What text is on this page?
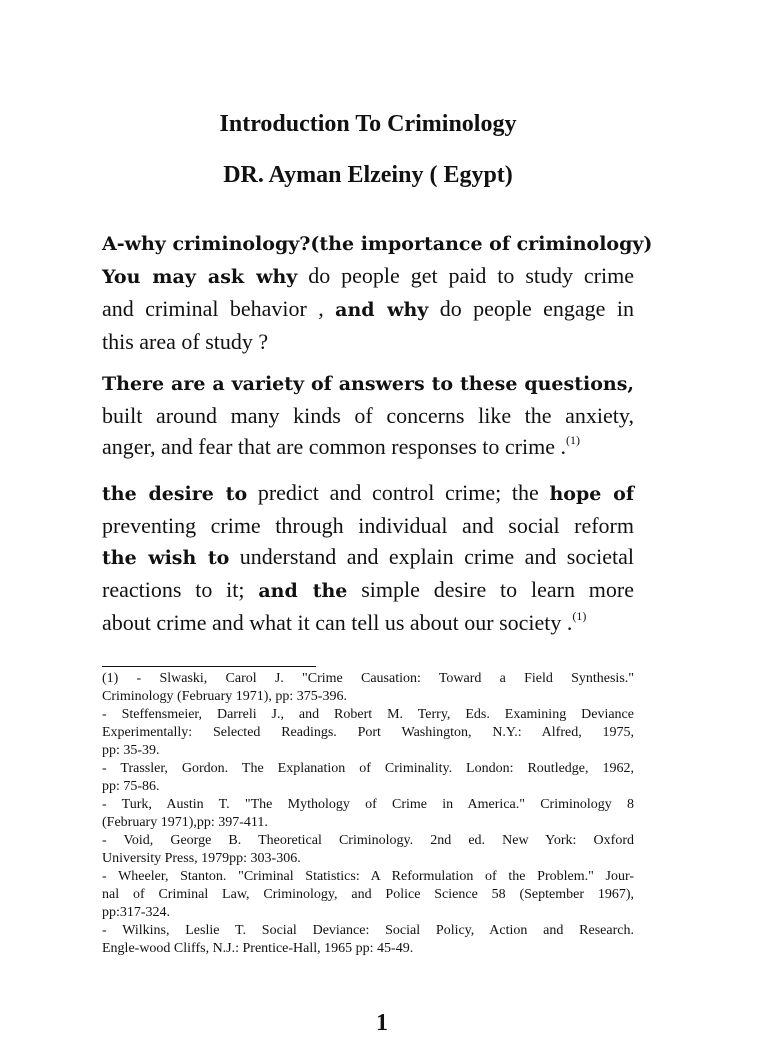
Introduction To Criminology
DR. Ayman Elzeiny ( Egypt)
A-why criminology?(the importance of criminology)
You may ask why do people get paid to study crime
and criminal behavior , and why do people engage in
this area of study ?
There are a variety of answers to these questions,
built around many kinds of concerns like the anxiety,
anger, and fear that are common responses to crime .$^{(1)}$
the desire to predict and control crime; the hope of
preventing crime through individual and social reform
the wish to understand and explain crime and societal
reactions to it; and the simple desire to learn more
about crime and what it can tell us about our society .$^{(1)}$
(1) - Slwaski, Carol J. "Crime Causation: Toward a Field Synthesis."
Criminology (February 1971), pp: 375-396.
- Steffensmeier, Darreli J., and Robert M. Terry, Eds. Examining Deviance
Experimentally: Selected Readings. Port Washington, N.Y.: Alfred, 1975,
pp: 35-39.
- Trassler, Gordon. The Explanation of Criminality. London: Routledge, 1962,
pp: 75-86.
- Turk, Austin T. "The Mythology of Crime in America." Criminology 8
(February 1971),pp: 397-411.
- Void, George B. Theoretical Criminology. 2nd ed. New York: Oxford
University Press, 1979pp: 303-306.
- Wheeler, Stanton. "Criminal Statistics: A Reformulation of the Problem." Jour-
nal of Criminal Law, Criminology, and Police Science 58 (September 1967),
pp:317-324.
- Wilkins, Leslie T. Social Deviance: Social Policy, Action and Research.
Engle-wood Cliffs, N.J.: Prentice-Hall, 1965 pp: 45-49.
1
